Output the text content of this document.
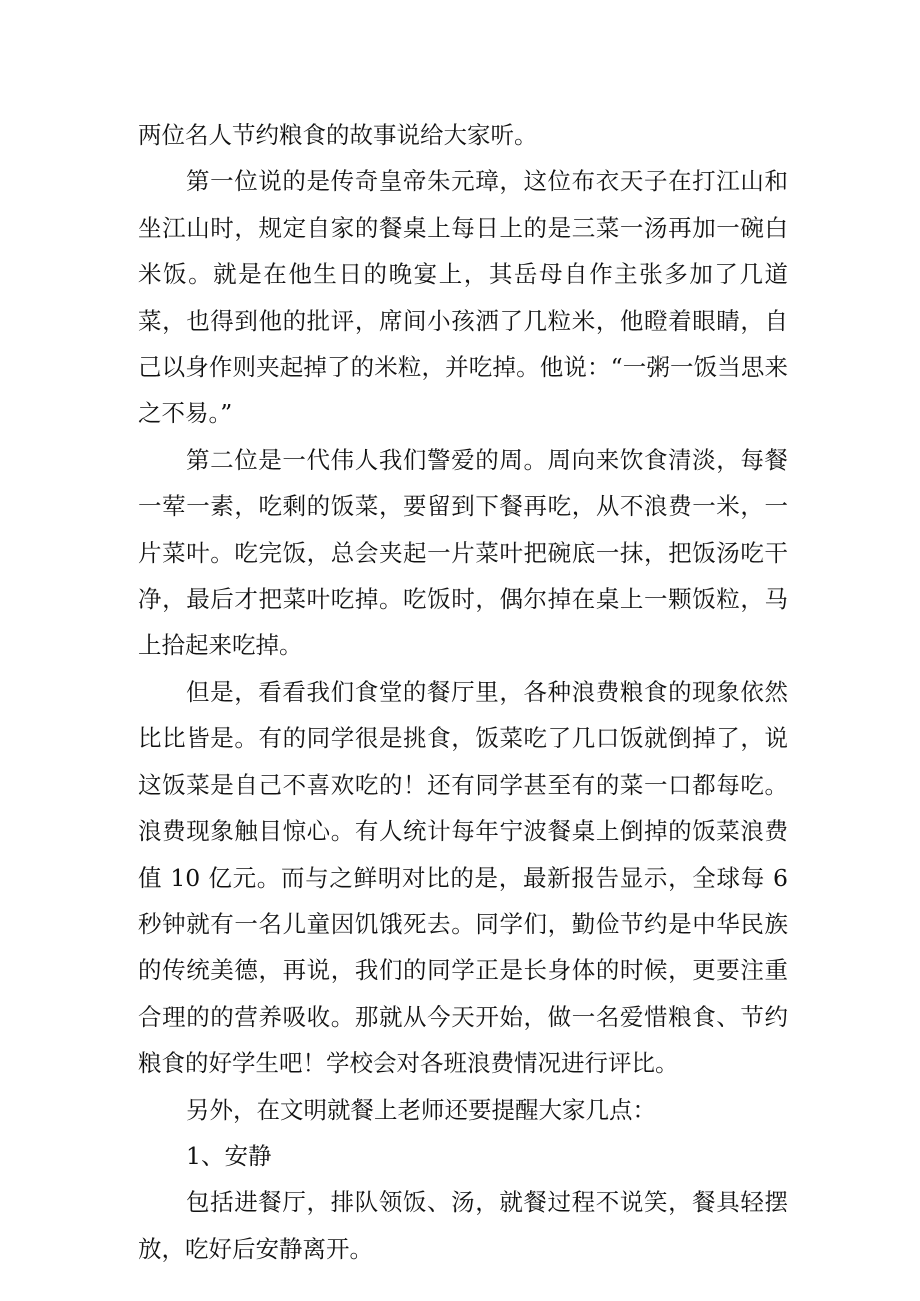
两位名人节约粮食的故事说给大家听。

第一位说的是传奇皇帝朱元璋，这位布衣天子在打江山和坐江山时，规定自家的餐桌上每日上的是三菜一汤再加一碗白米饭。就是在他生日的晚宴上，其岳母自作主张多加了几道菜，也得到他的批评，席间小孩洒了几粒米，他瞪着眼睛，自己以身作则夹起掉了的米粒，并吃掉。他说：“一粥一饭当思来之不易。”

第二位是一代伟人我们警爱的周。周向来饮食清淡，每餐一荤一素，吃剩的饭菜，要留到下餐再吃，从不浪费一米，一片菜叶。吃完饭，总会夹起一片菜叶把碗底一抹，把饭汤吃干净，最后才把菜叶吃掉。吃饭时，偶尔掉在桌上一颗饭粒，马上拾起来吃掉。

但是，看看我们食堂的餐厅里，各种浪费粮食的现象依然比比皆是。有的同学很是挑食，饭菜吃了几口饭就倒掉了，说这饭菜是自己不喜欢吃的！还有同学甚至有的菜一口都每吃。浪费现象触目惊心。有人统计每年宁波餐桌上倒掉的饭菜浪费值 10 亿元。而与之鲜明对比的是，最新报告显示，全球每 6 秒钟就有一名儿童因饥饿死去。同学们，勤俭节约是中华民族的传统美德，再说，我们的同学正是长身体的时候，更要注重合理的的营养吸收。那就从今天开始，做一名爱惜粮食、节约粮食的好学生吧！学校会对各班浪费情况进行评比。

另外，在文明就餐上老师还要提醒大家几点：

1、安静

包括进餐厅，排队领饭、汤，就餐过程不说笑，餐具轻摆放，吃好后安静离开。
